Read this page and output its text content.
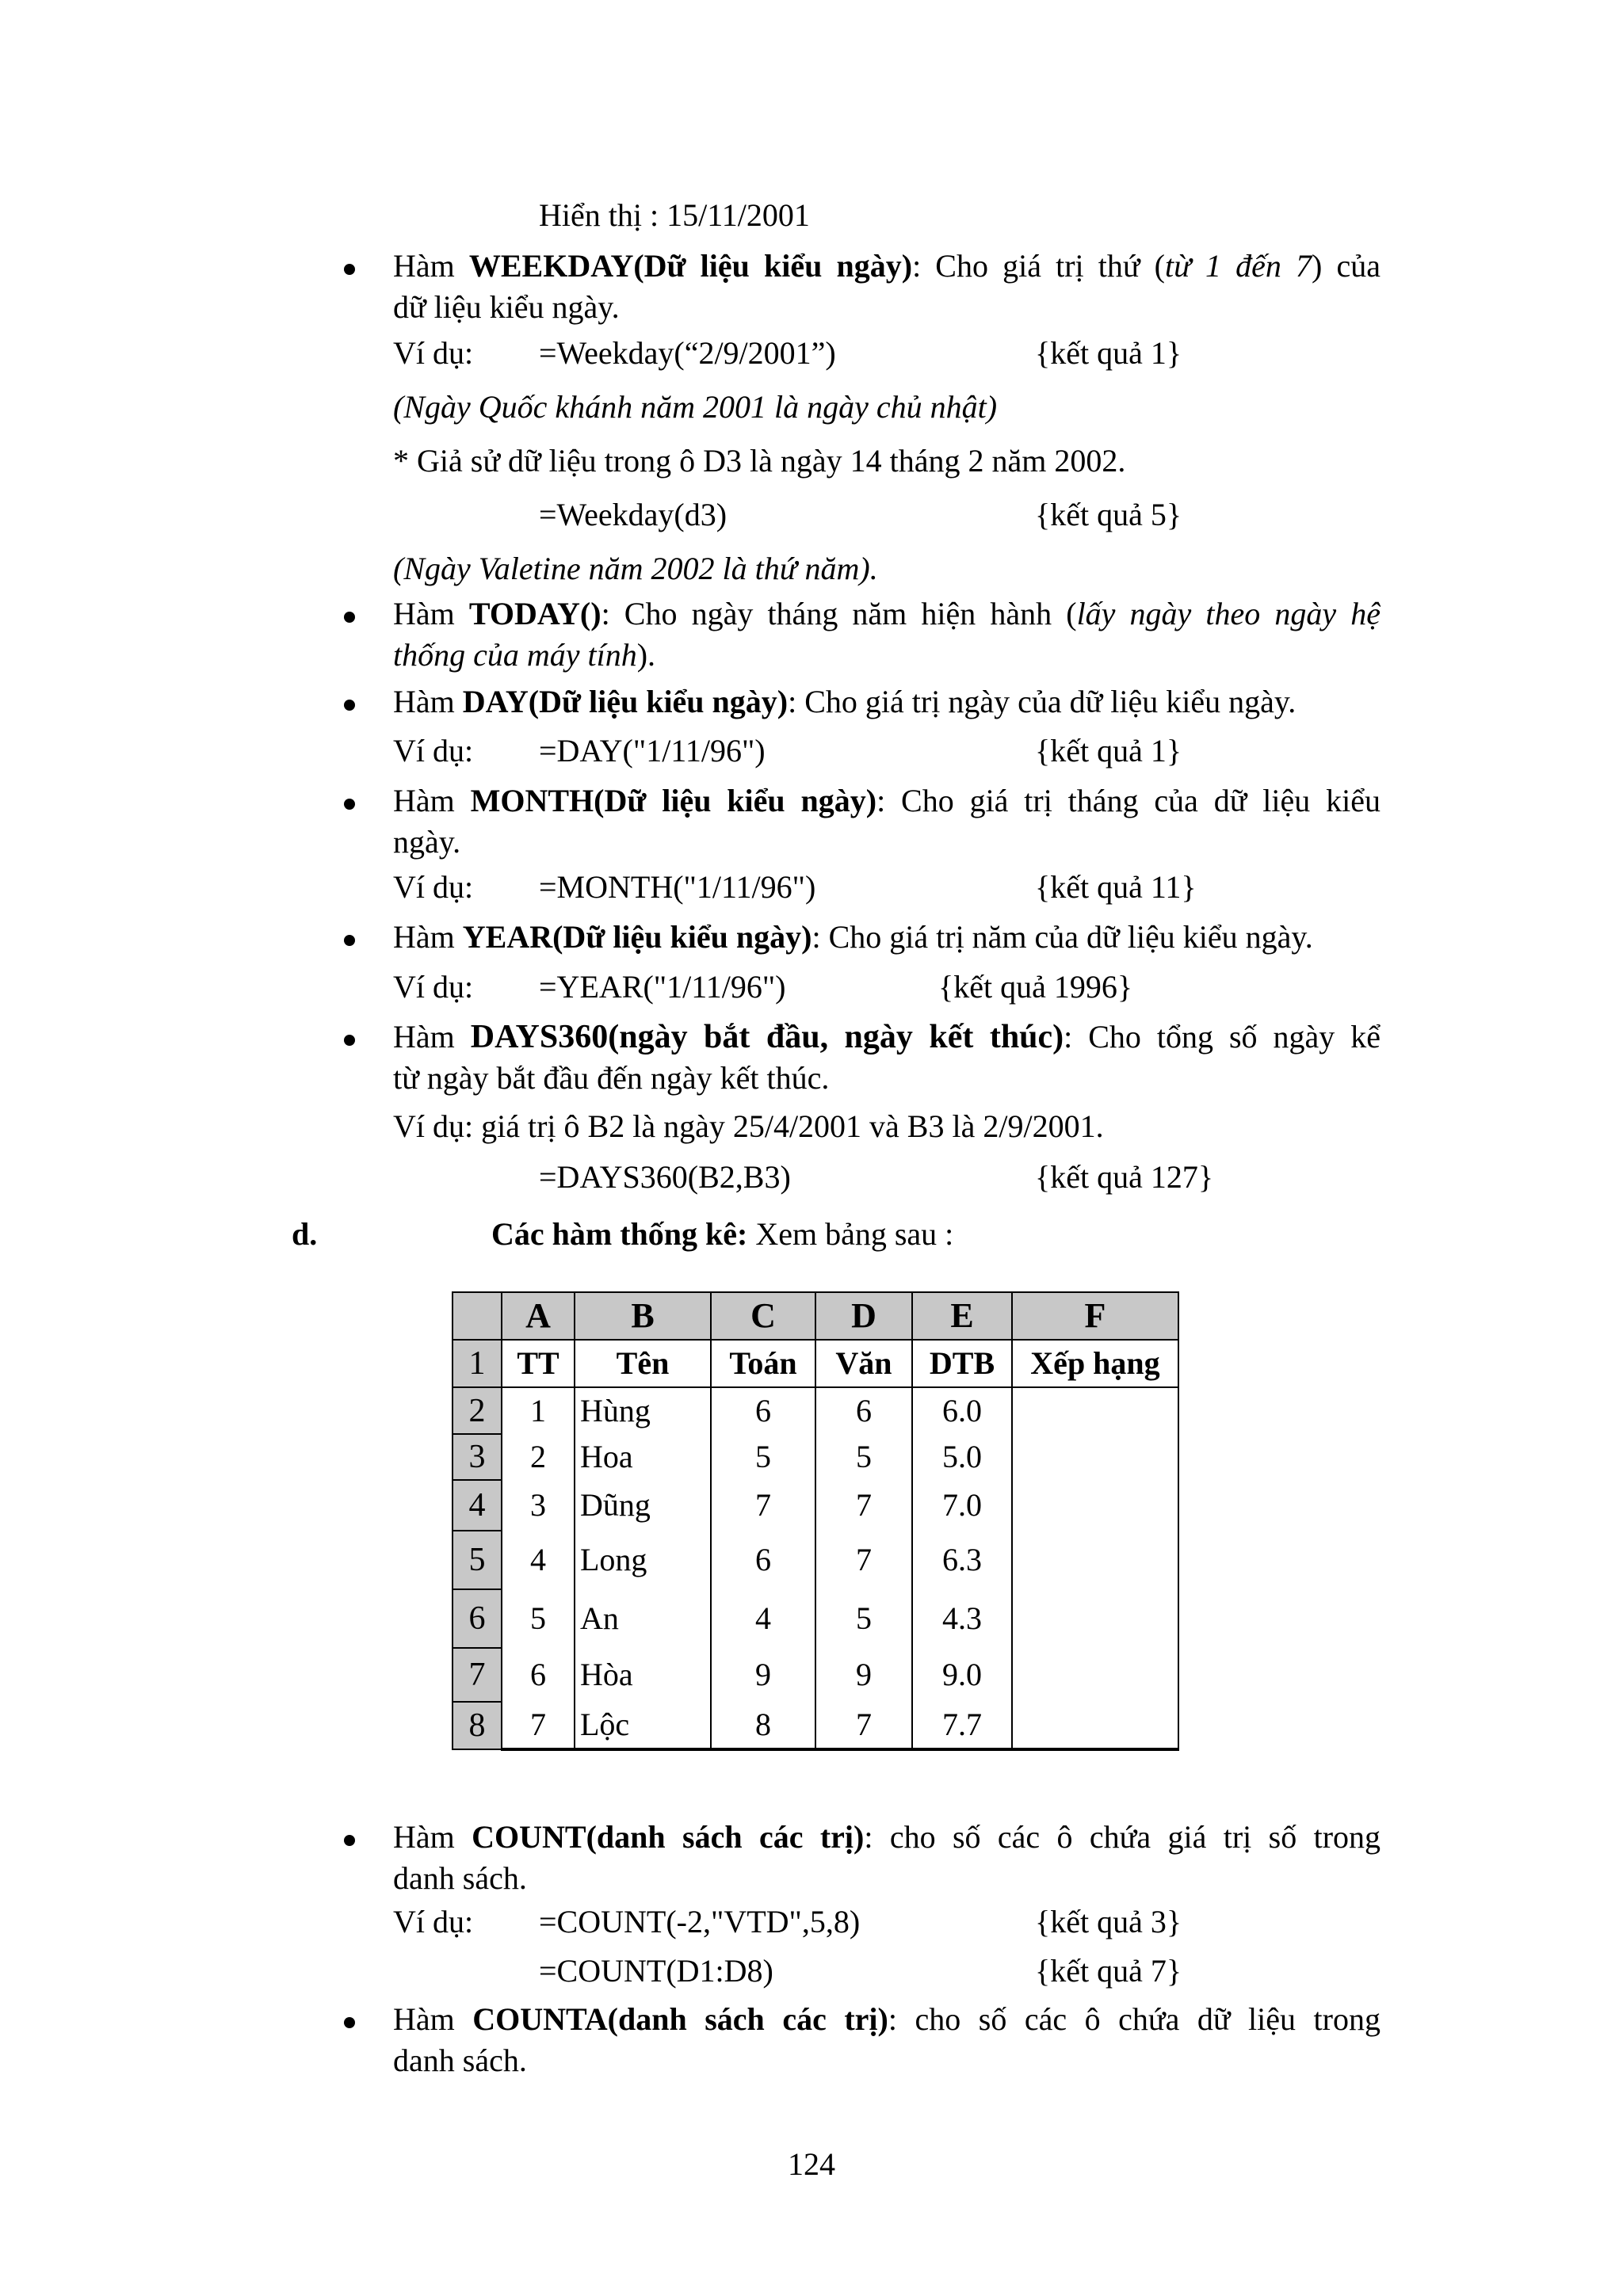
Hiển thị : 15/11/2001
Hàm WEEKDAY(Dữ liệu kiểu ngày): Cho giá trị thứ (từ 1 đến 7) của
dữ liệu kiểu ngày.
Ví dụ: =Weekday(“2/9/2001”)	{kết quả 1}
(Ngày Quốc khánh năm 2001 là ngày chủ nhật)
* Giả sử dữ liệu trong ô D3 là ngày 14 tháng 2 năm 2002.
=Weekday(d3)	{kết quả 5}
(Ngày Valetine năm 2002 là thứ năm).
Hàm TODAY(): Cho ngày tháng năm hiện hành (lấy ngày theo ngày hệ
thống của máy tính).
Hàm DAY(Dữ liệu kiểu ngày): Cho giá trị ngày của dữ liệu kiểu ngày.
Ví dụ: =DAY("1/11/96")	{kết quả 1}
Hàm MONTH(Dữ liệu kiểu ngày): Cho giá trị tháng của dữ liệu kiểu
ngày.
Ví dụ: =MONTH("1/11/96")	{kết quả 11}
Hàm YEAR(Dữ liệu kiểu ngày): Cho giá trị năm của dữ liệu kiểu ngày.
Ví dụ: =YEAR("1/11/96")	{kết quả 1996}
Hàm DAYS360(ngày bắt đầu, ngày kết thúc): Cho tổng số ngày kể
từ ngày bắt đầu đến ngày kết thúc.
Ví dụ: giá trị ô B2 là ngày 25/4/2001 và B3 là 2/9/2001.
=DAYS360(B2,B3)	{kết quả 127}
d.	Các hàm thống kê: Xem bảng sau :
	A	B	C	D	E	F
1	TT	Tên	Toán	Văn	DTB	Xếp hạng
2	1	Hùng	6	6	6.0	
3	2	Hoa	5	5	5.0	
4	3	Dũng	7	7	7.0	
5	4	Long	6	7	6.3	
6	5	An	4	5	4.3	
7	6	Hòa	9	9	9.0	
8	7	Lộc	8	7	7.7	
Hàm COUNT(danh sách các trị): cho số các ô chứa giá trị số trong
danh sách.
Ví dụ: =COUNT(-2,"VTD",5,8)	{kết quả 3}
=COUNT(D1:D8)	{kết quả 7}
Hàm COUNTA(danh sách các trị): cho số các ô chứa dữ liệu trong
danh sách.
124
